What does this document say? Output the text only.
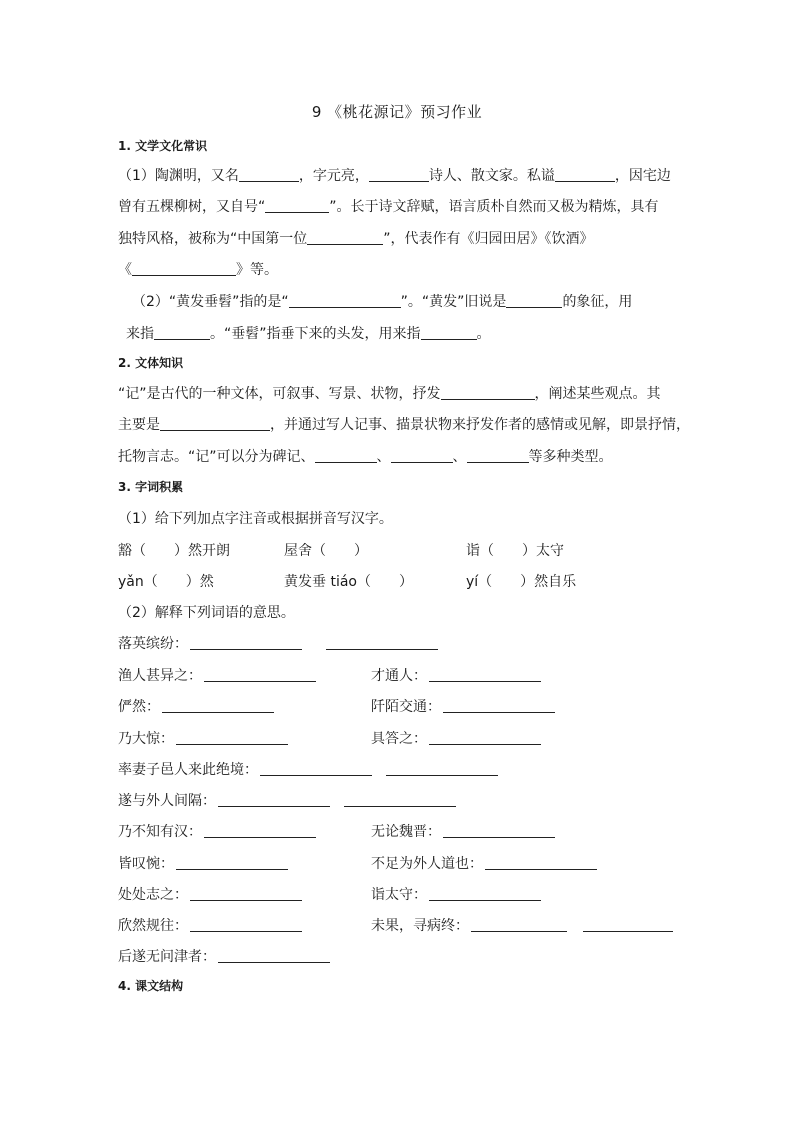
9 《桃花源记》预习作业
1. 文学文化常识
（1）陶渊明，又名	，字元亮，	诗人、散文家。私谥	，因宅边
曾有五棵柳树，又自号“	”。长于诗文辞赋，语言质朴自然而又极为精炼，具有
独特风格，被称为“中国第一位	”，代表作有《归园田居》《饮酒》
《	》等。
（2）“黄发垂髫”指的是“	”。“黄发”旧说是	的象征，用
来指	。“垂髫”指垂下来的头发，用来指	。
2. 文体知识
“记”是古代的一种文体，可叙事、写景、状物，抒发	，阐述某些观点。其
主要是	，并通过写人记事、描景状物来抒发作者的感情或见解，即景抒情，
托物言志。“记”可以分为碑记、	、	、	等多种类型。
3. 字词积累
（1）给下列加点字注音或根据拼音写汉字。
豁（　　）然开朗	屋舍（　　）	诣（　　）太守
yǎn（　　）然	黄发垂 tiáo（　　）	yí（　　）然自乐
（2）解释下列词语的意思。
落英缤纷：
渔人甚异之：	才通人：
俨然：	阡陌交通：
乃大惊：	具答之：
率妻子邑人来此绝境：
遂与外人间隔：
乃不知有汉：	无论魏晋：
皆叹惋：	不足为外人道也：
处处志之：	诣太守：
欣然规往：	未果，寻病终：
后遂无问津者：
4. 课文结构
